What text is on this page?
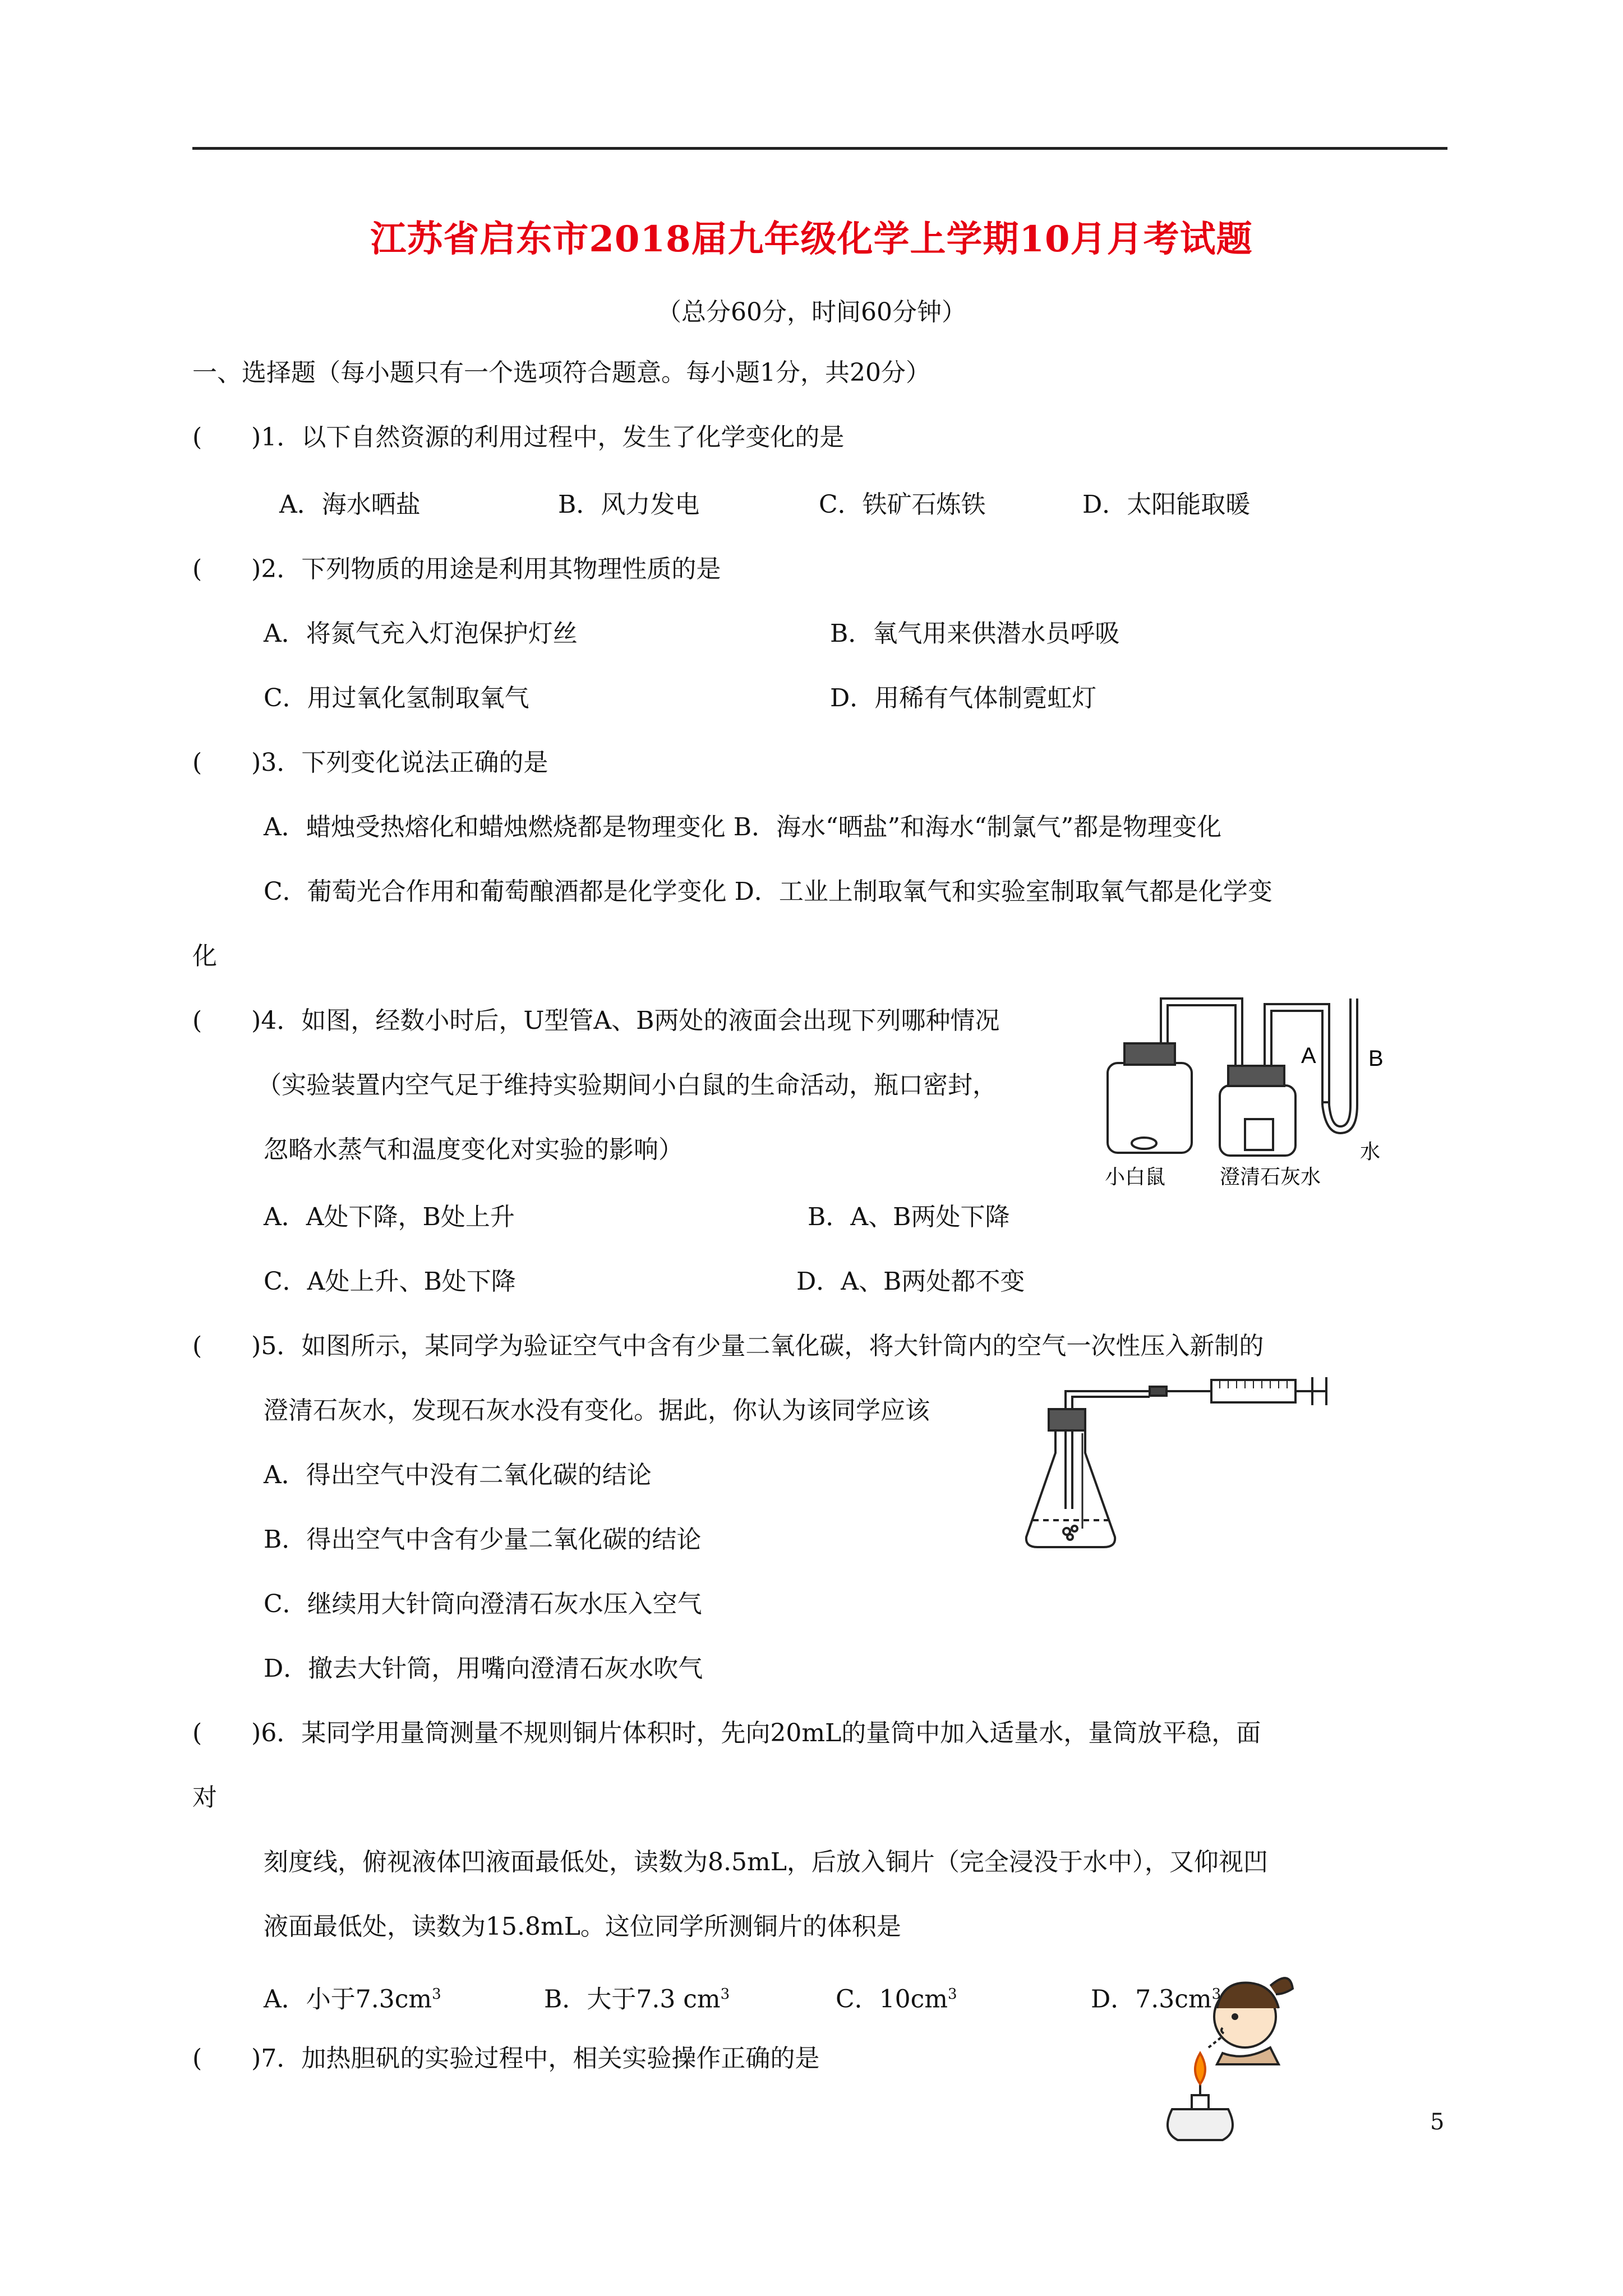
江苏省启东市2018届九年级化学上学期10月月考试题
（总分60分，时间60分钟）
一、选择题（每小题只有一个选项符合题意。每小题1分，共20分）
(　　)1．以下自然资源的利用过程中，发生了化学变化的是
A．海水晒盐	B．风力发电	C．铁矿石炼铁	D．太阳能取暖
(　　)2．下列物质的用途是利用其物理性质的是
A．将氮气充入灯泡保护灯丝	B．氧气用来供潜水员呼吸
C．用过氧化氢制取氧气	D．用稀有气体制霓虹灯
(　　)3．下列变化说法正确的是
A．蜡烛受热熔化和蜡烛燃烧都是物理变化 B．海水“晒盐”和海水“制氯气”都是物理变化
C．葡萄光合作用和葡萄酿酒都是化学变化 D．工业上制取氧气和实验室制取氧气都是化学变
化
(　　)4．如图，经数小时后，U型管A、B两处的液面会出现下列哪种情况
（实验装置内空气足于维持实验期间小白鼠的生命活动，瓶口密封，
忽略水蒸气和温度变化对实验的影响）
A．A处下降，B处上升	B．A、B两处下降
C．A处上升、B处下降	D．A、B两处都不变
A B
水
小白鼠	澄清石灰水
(　　)5．如图所示，某同学为验证空气中含有少量二氧化碳，将大针筒内的空气一次性压入新制的
澄清石灰水，发现石灰水没有变化。据此，你认为该同学应该
A．得出空气中没有二氧化碳的结论
B．得出空气中含有少量二氧化碳的结论
C．继续用大针筒向澄清石灰水压入空气
D．撤去大针筒，用嘴向澄清石灰水吹气
(　　)6．某同学用量筒测量不规则铜片体积时，先向20mL的量筒中加入适量水，量筒放平稳，面
对
刻度线，俯视液体凹液面最低处，读数为8.5mL，后放入铜片（完全浸没于水中），又仰视凹
液面最低处，读数为15.8mL。这位同学所测铜片的体积是
A．小于$7.3cm^3$	B．大于7.3 $cm^3$	C．$10cm^3$	D．$7.3cm^3$
(　　)7．加热胆矾的实验过程中，相关实验操作正确的是
5
